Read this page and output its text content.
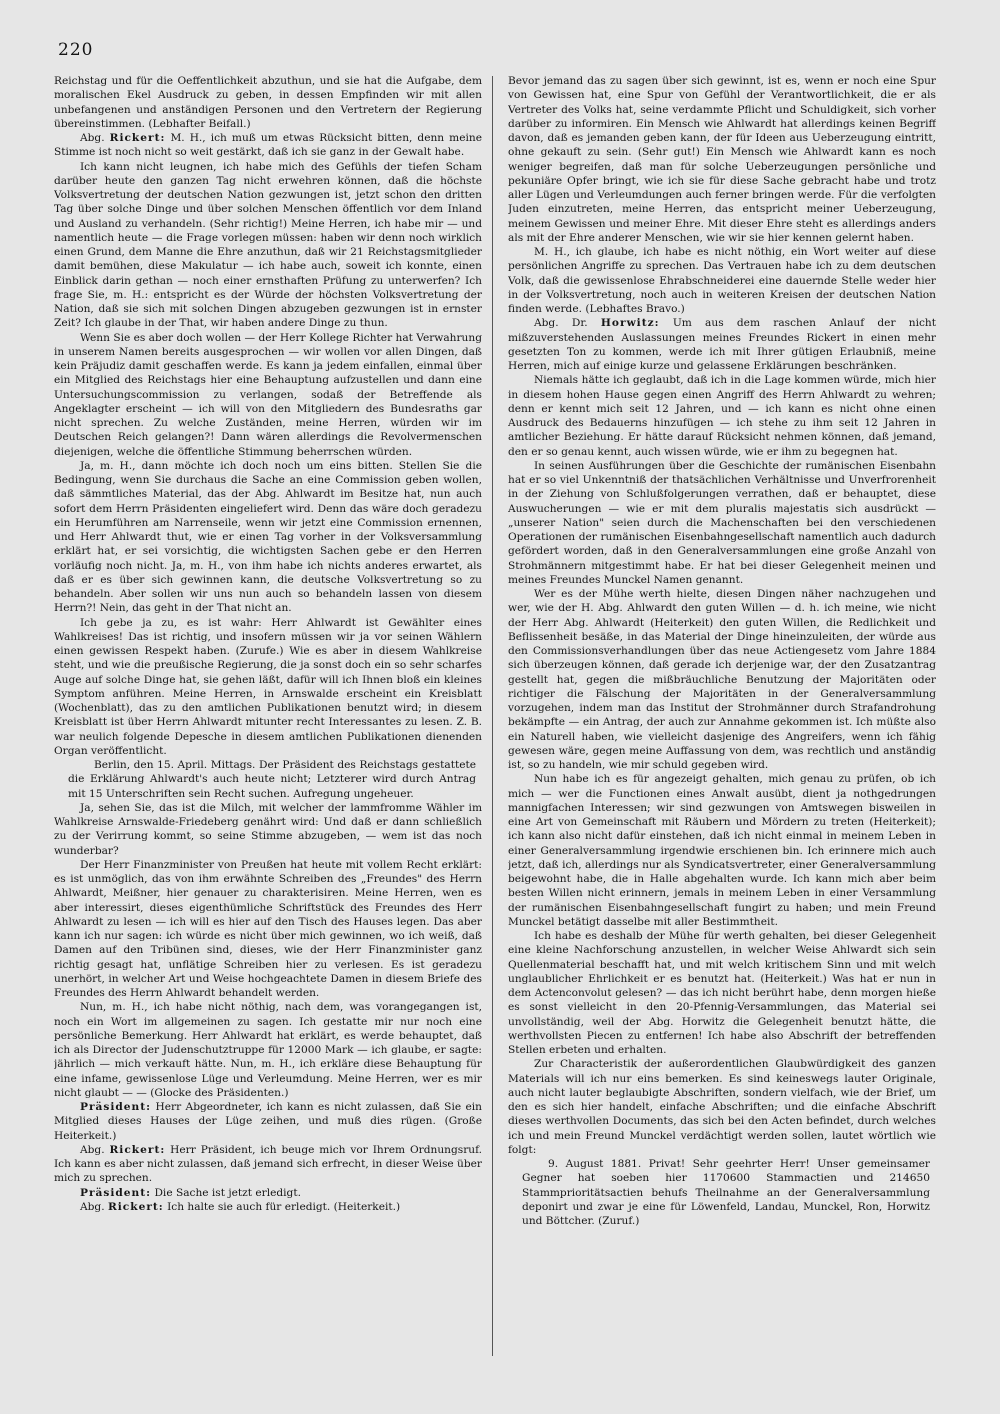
220

Reichstag und für die Oeffentlichkeit abzuthun, und sie hat die Aufgabe, dem moralischen Ekel Ausdruck zu geben, in dessen Empfinden wir mit allen unbefangenen und anständigen Personen und den Vertretern der Regierung übereinstimmen. (Lebhafter Beifall.)

Abg. Rickert: M. H., ich muß um etwas Rücksicht bitten, denn meine Stimme ist noch nicht so weit gestärkt, daß ich sie ganz in der Gewalt habe.

Ich kann nicht leugnen, ich habe mich des Gefühls der tiefen Scham darüber heute den ganzen Tag nicht erwehren können, daß die höchste Volksvertretung der deutschen Nation gezwungen ist, jetzt schon den dritten Tag über solche Dinge und über solchen Menschen öffentlich vor dem Inland und Ausland zu verhandeln. (Sehr richtig!) Meine Herren, ich habe mir — und namentlich heute — die Frage vorlegen müssen: haben wir denn noch wirklich einen Grund, dem Manne die Ehre anzuthun, daß wir 21 Reichstagsmitglieder damit bemühen, diese Makulatur — ich habe auch, soweit ich konnte, einen Einblick darin gethan — noch einer ernsthaften Prüfung zu unterwerfen? Ich frage Sie, m. H.: entspricht es der Würde der höchsten Volksvertretung der Nation, daß sie sich mit solchen Dingen abzugeben gezwungen ist in ernster Zeit? Ich glaube in der That, wir haben andere Dinge zu thun.

Wenn Sie es aber doch wollen — der Herr Kollege Richter hat Verwahrung in unserem Namen bereits ausgesprochen — wir wollen vor allen Dingen, daß kein Präjudiz damit geschaffen werde. Es kann ja jedem einfallen, einmal über ein Mitglied des Reichstags hier eine Behauptung aufzustellen und dann eine Untersuchungscommission zu verlangen, sodaß der Betreffende als Angeklagter erscheint — ich will von den Mitgliedern des Bundesraths gar nicht sprechen. Zu welche Zuständen, meine Herren, würden wir im Deutschen Reich gelangen?! Dann wären allerdings die Revolvermenschen diejenigen, welche die öffentliche Stimmung beherrschen würden.

Ja, m. H., dann möchte ich doch noch um eins bitten. Stellen Sie die Bedingung, wenn Sie durchaus die Sache an eine Commission geben wollen, daß sämmtliches Material, das der Abg. Ahlwardt im Besitze hat, nun auch sofort dem Herrn Präsidenten eingeliefert wird. Denn das wäre doch geradezu ein Herumführen am Narrenseile, wenn wir jetzt eine Commission ernennen, und Herr Ahlwardt thut, wie er einen Tag vorher in der Volksversammlung erklärt hat, er sei vorsichtig, die wichtigsten Sachen gebe er den Herren vorläufig noch nicht. Ja, m. H., von ihm habe ich nichts anderes erwartet, als daß er es über sich gewinnen kann, die deutsche Volksvertretung so zu behandeln. Aber sollen wir uns nun auch so behandeln lassen von diesem Herrn?! Nein, das geht in der That nicht an.

Ich gebe ja zu, es ist wahr: Herr Ahlwardt ist Gewählter eines Wahlkreises! Das ist richtig, und insofern müssen wir ja vor seinen Wählern einen gewissen Respekt haben. (Zurufe.) Wie es aber in diesem Wahlkreise steht, und wie die preußische Regierung, die ja sonst doch ein so sehr scharfes Auge auf solche Dinge hat, sie gehen läßt, dafür will ich Ihnen bloß ein kleines Symptom anführen. Meine Herren, in Arnswalde erscheint ein Kreisblatt (Wochenblatt), das zu den amtlichen Publikationen benutzt wird; in diesem Kreisblatt ist über Herrn Ahlwardt mitunter recht Interessantes zu lesen. Z. B. war neulich folgende Depesche in diesem amtlichen Publikationen dienenden Organ veröffentlicht.

Berlin, den 15. April. Mittags. Der Präsident des Reichstags gestattete die Erklärung Ahlwardt's auch heute nicht; Letzterer wird durch Antrag mit 15 Unterschriften sein Recht suchen. Aufregung ungeheuer.

Ja, sehen Sie, das ist die Milch, mit welcher der lammfromme Wähler im Wahlkreise Arnswalde-Friedeberg genährt wird: Und daß er dann schließlich zu der Verirrung kommt, so seine Stimme abzugeben, — wem ist das noch wunderbar?

Der Herr Finanzminister von Preußen hat heute mit vollem Recht erklärt: es ist unmöglich, das von ihm erwähnte Schreiben des „Freundes" des Herrn Ahlwardt, Meißner, hier genauer zu charakterisiren. Meine Herren, wen es aber interessirt, dieses eigenthümliche Schriftstück des Freundes des Herr Ahlwardt zu lesen — ich will es hier auf den Tisch des Hauses legen. Das aber kann ich nur sagen: ich würde es nicht über mich gewinnen, wo ich weiß, daß Damen auf den Tribünen sind, dieses, wie der Herr Finanzminister ganz richtig gesagt hat, unflätige Schreiben hier zu verlesen. Es ist geradezu unerhört, in welcher Art und Weise hochgeachtete Damen in diesem Briefe des Freundes des Herrn Ahlwardt behandelt werden.

Nun, m. H., ich habe nicht nöthig, nach dem, was vorangegangen ist, noch ein Wort im allgemeinen zu sagen. Ich gestatte mir nur noch eine persönliche Bemerkung. Herr Ahlwardt hat erklärt, es werde behauptet, daß ich als Director der Judenschutztruppe für 12000 Mark — ich glaube, er sagte: jährlich — mich verkauft hätte. Nun, m. H., ich erkläre diese Behauptung für eine infame, gewissenlose Lüge und Verleumdung. Meine Herren, wer es mir nicht glaubt — — (Glocke des Präsidenten.)

Präsident: Herr Abgeordneter, ich kann es nicht zulassen, daß Sie ein Mitglied dieses Hauses der Lüge zeihen, und muß dies rügen. (Große Heiterkeit.)

Abg. Rickert: Herr Präsident, ich beuge mich vor Ihrem Ordnungsruf. Ich kann es aber nicht zulassen, daß jemand sich erfrecht, in dieser Weise über mich zu sprechen.

Präsident: Die Sache ist jetzt erledigt.

Abg. Rickert: Ich halte sie auch für erledigt. (Heiterkeit.)

Bevor jemand das zu sagen über sich gewinnt, ist es, wenn er noch eine Spur von Gewissen hat, eine Spur von Gefühl der Verantwortlichkeit, die er als Vertreter des Volks hat, seine verdammte Pflicht und Schuldigkeit, sich vorher darüber zu informiren. Ein Mensch wie Ahlwardt hat allerdings keinen Begriff davon, daß es jemanden geben kann, der für Ideen aus Ueberzeugung eintritt, ohne gekauft zu sein. (Sehr gut!) Ein Mensch wie Ahlwardt kann es noch weniger begreifen, daß man für solche Ueberzeugungen persönliche und pekuniäre Opfer bringt, wie ich sie für diese Sache gebracht habe und trotz aller Lügen und Verleumdungen auch ferner bringen werde. Für die verfolgten Juden einzutreten, meine Herren, das entspricht meiner Ueberzeugung, meinem Gewissen und meiner Ehre. Mit dieser Ehre steht es allerdings anders als mit der Ehre anderer Menschen, wie wir sie hier kennen gelernt haben.

M. H., ich glaube, ich habe es nicht nöthig, ein Wort weiter auf diese persönlichen Angriffe zu sprechen. Das Vertrauen habe ich zu dem deutschen Volk, daß die gewissenlose Ehrabschneiderei eine dauernde Stelle weder hier in der Volksvertretung, noch auch in weiteren Kreisen der deutschen Nation finden werde. (Lebhaftes Bravo.)

Abg. Dr. Horwitz: Um aus dem raschen Anlauf der nicht mißzuverstehenden Auslassungen meines Freundes Rickert in einen mehr gesetzten Ton zu kommen, werde ich mit Ihrer gütigen Erlaubniß, meine Herren, mich auf einige kurze und gelassene Erklärungen beschränken.

Niemals hätte ich geglaubt, daß ich in die Lage kommen würde, mich hier in diesem hohen Hause gegen einen Angriff des Herrn Ahlwardt zu wehren; denn er kennt mich seit 12 Jahren, und — ich kann es nicht ohne einen Ausdruck des Bedauerns hinzufügen — ich stehe zu ihm seit 12 Jahren in amtlicher Beziehung. Er hätte darauf Rücksicht nehmen können, daß jemand, den er so genau kennt, auch wissen würde, wie er ihm zu begegnen hat.

In seinen Ausführungen über die Geschichte der rumänischen Eisenbahn hat er so viel Unkenntniß der thatsächlichen Verhältnisse und Unverfrorenheit in der Ziehung von Schlußfolgerungen verrathen, daß er behauptet, diese Auswucherungen — wie er mit dem pluralis majestatis sich ausdrückt — „unserer Nation" seien durch die Machenschaften bei den verschiedenen Operationen der rumänischen Eisenbahngesellschaft namentlich auch dadurch gefördert worden, daß in den Generalversammlungen eine große Anzahl von Strohmännern mitgestimmt habe. Er hat bei dieser Gelegenheit meinen und meines Freundes Munckel Namen genannt.

Wer es der Mühe werth hielte, diesen Dingen näher nachzugehen und wer, wie der H. Abg. Ahlwardt den guten Willen — d. h. ich meine, wie nicht der Herr Abg. Ahlwardt (Heiterkeit) den guten Willen, die Redlichkeit und Beflissenheit besäße, in das Material der Dinge hineinzuleiten, der würde aus den Commissionsverhandlungen über das neue Actiengesetz vom Jahre 1884 sich überzeugen können, daß gerade ich derjenige war, der den Zusatzantrag gestellt hat, gegen die mißbräuchliche Benutzung der Majoritäten oder richtiger die Fälschung der Majoritäten in der Generalversammlung vorzugehen, indem man das Institut der Strohmänner durch Strafandrohung bekämpfte — ein Antrag, der auch zur Annahme gekommen ist. Ich müßte also ein Naturell haben, wie vielleicht dasjenige des Angreifers, wenn ich fähig gewesen wäre, gegen meine Auffassung von dem, was rechtlich und anständig ist, so zu handeln, wie mir schuld gegeben wird.

Nun habe ich es für angezeigt gehalten, mich genau zu prüfen, ob ich mich — wer die Functionen eines Anwalt ausübt, dient ja nothgedrungen mannigfachen Interessen; wir sind gezwungen von Amtswegen bisweilen in eine Art von Gemeinschaft mit Räubern und Mördern zu treten (Heiterkeit); ich kann also nicht dafür einstehen, daß ich nicht einmal in meinem Leben in einer Generalversammlung irgendwie erschienen bin. Ich erinnere mich auch jetzt, daß ich, allerdings nur als Syndicatsvertreter, einer Generalversammlung beigewohnt habe, die in Halle abgehalten wurde. Ich kann mich aber beim besten Willen nicht erinnern, jemals in meinem Leben in einer Versammlung der rumänischen Eisenbahngesellschaft fungirt zu haben; und mein Freund Munckel betätigt dasselbe mit aller Bestimmtheit.

Ich habe es deshalb der Mühe für werth gehalten, bei dieser Gelegenheit eine kleine Nachforschung anzustellen, in welcher Weise Ahlwardt sich sein Quellenmaterial beschafft hat, und mit welch kritischem Sinn und mit welch unglaublicher Ehrlichkeit er es benutzt hat. (Heiterkeit.) Was hat er nun in dem Actenconvolut gelesen? — das ich nicht berührt habe, denn morgen hieße es sonst vielleicht in den 20-Pfennig-Versammlungen, das Material sei unvollständig, weil der Abg. Horwitz die Gelegenheit benutzt hätte, die werthvollsten Piecen zu entfernen! Ich habe also Abschrift der betreffenden Stellen erbeten und erhalten.

Zur Characteristik der außerordentlichen Glaubwürdigkeit des ganzen Materials will ich nur eins bemerken. Es sind keineswegs lauter Originale, auch nicht lauter beglaubigte Abschriften, sondern vielfach, wie der Brief, um den es sich hier handelt, einfache Abschriften; und die einfache Abschrift dieses werthvollen Documents, das sich bei den Acten befindet, durch welches ich und mein Freund Munckel verdächtigt werden sollen, lautet wörtlich wie folgt:

9. August 1881. Privat! Sehr geehrter Herr! Unser gemeinsamer Gegner hat soeben hier 1170600 Stammactien und 214650 Stammprioritätsactien behufs Theilnahme an der Generalversammlung deponirt und zwar je eine für Löwenfeld, Landau, Munckel, Ron, Horwitz und Böttcher. (Zuruf.)
